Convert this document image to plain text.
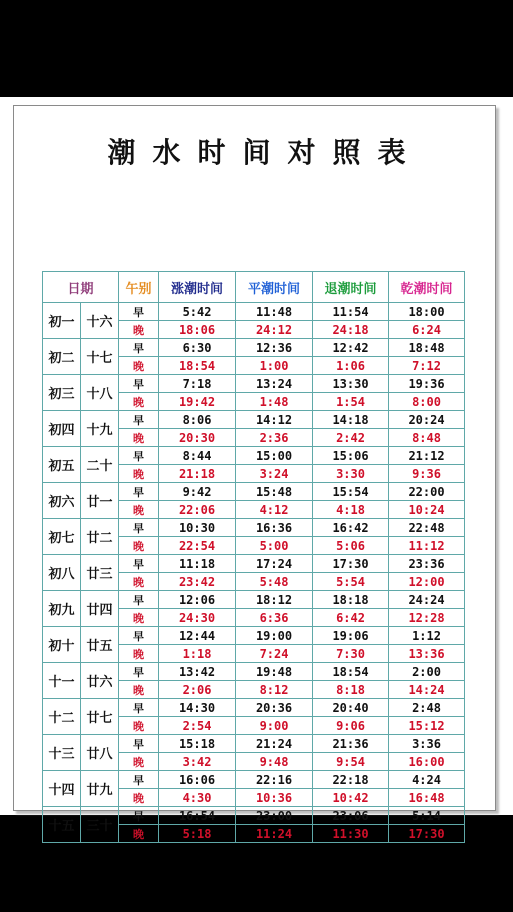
潮水时间对照表
日期		午别	涨潮时间	平潮时间	退潮时间	乾潮时间
初一	十六	早	5:42	11:48	11:54	18:00
		晚	18:06	24:12	24:18	6:24
初二	十七	早	6:30	12:36	12:42	18:48
		晚	18:54	1:00	1:06	7:12
初三	十八	早	7:18	13:24	13:30	19:36
		晚	19:42	1:48	1:54	8:00
初四	十九	早	8:06	14:12	14:18	20:24
		晚	20:30	2:36	2:42	8:48
初五	二十	早	8:44	15:00	15:06	21:12
		晚	21:18	3:24	3:30	9:36
初六	廿一	早	9:42	15:48	15:54	22:00
		晚	22:06	4:12	4:18	10:24
初七	廿二	早	10:30	16:36	16:42	22:48
		晚	22:54	5:00	5:06	11:12
初八	廿三	早	11:18	17:24	17:30	23:36
		晚	23:42	5:48	5:54	12:00
初九	廿四	早	12:06	18:12	18:18	24:24
		晚	24:30	6:36	6:42	12:28
初十	廿五	早	12:44	19:00	19:06	1:12
		晚	1:18	7:24	7:30	13:36
十一	廿六	早	13:42	19:48	18:54	2:00
		晚	2:06	8:12	8:18	14:24
十二	廿七	早	14:30	20:36	20:40	2:48
		晚	2:54	9:00	9:06	15:12
十三	廿八	早	15:18	21:24	21:36	3:36
		晚	3:42	9:48	9:54	16:00
十四	廿九	早	16:06	22:16	22:18	4:24
		晚	4:30	10:36	10:42	16:48
十五	三十	早	16:54	23:00	23:06	5:14
		晚	5:18	11:24	11:30	17:30
